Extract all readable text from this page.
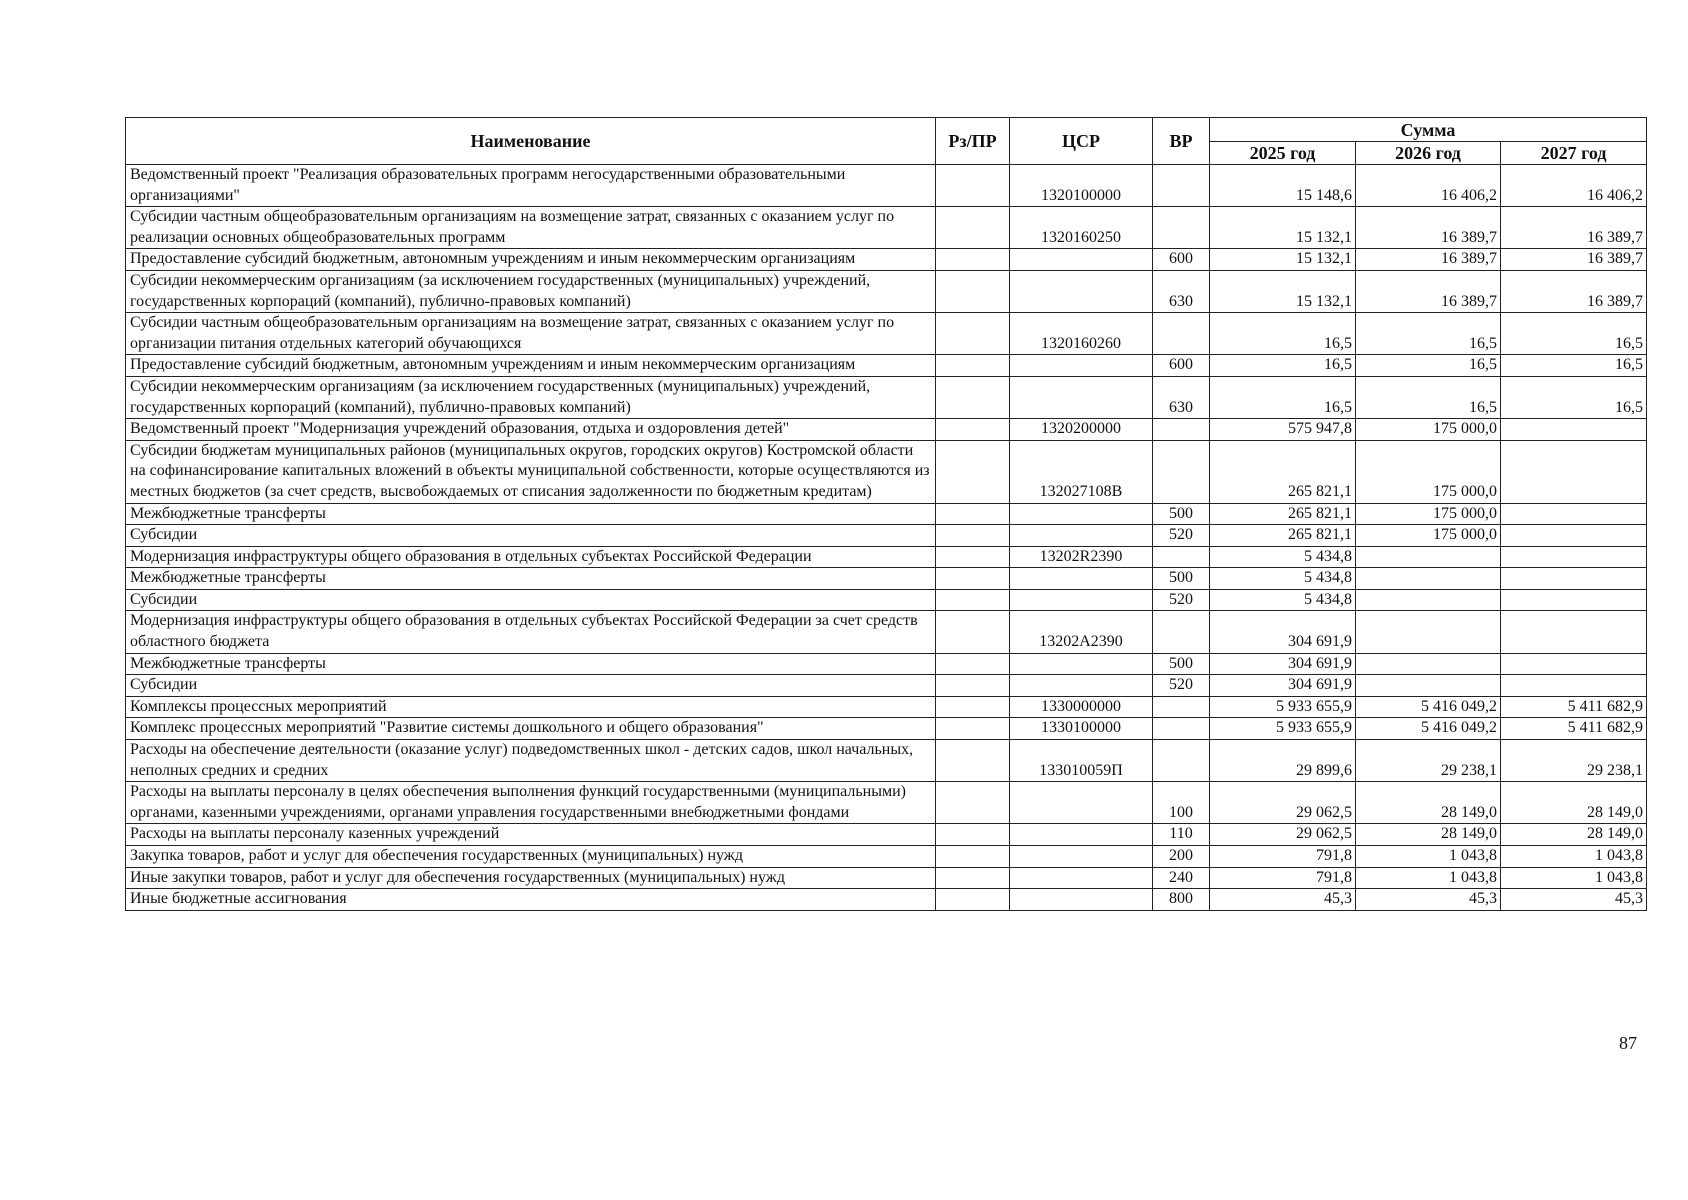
Наименование	Рз/ПР	ЦСР	ВР	Сумма		
				2025 год	2026 год	2027 год
Ведомственный проект "Реализация образовательных программ негосударственными образовательными организациями"		1320100000		15 148,6	16 406,2	16 406,2
Субсидии частным общеобразовательным организациям на возмещение затрат, связанных с оказанием услуг по реализации основных общеобразовательных программ		1320160250		15 132,1	16 389,7	16 389,7
Предоставление субсидий бюджетным, автономным учреждениям и иным некоммерческим организациям			600	15 132,1	16 389,7	16 389,7
Субсидии некоммерческим организациям (за исключением государственных (муниципальных) учреждений, государственных корпораций (компаний), публично-правовых компаний)			630	15 132,1	16 389,7	16 389,7
Субсидии частным общеобразовательным организациям на возмещение затрат, связанных с оказанием услуг по организации питания отдельных категорий обучающихся		1320160260		16,5	16,5	16,5
Предоставление субсидий бюджетным, автономным учреждениям и иным некоммерческим организациям			600	16,5	16,5	16,5
Субсидии некоммерческим организациям (за исключением государственных (муниципальных) учреждений, государственных корпораций (компаний), публично-правовых компаний)			630	16,5	16,5	16,5
Ведомственный проект "Модернизация учреждений образования, отдыха и оздоровления детей"		1320200000		575 947,8	175 000,0	
Субсидии бюджетам муниципальных районов (муниципальных округов, городских округов) Костромской области на софинансирование капитальных вложений в объекты муниципальной собственности, которые осуществляются из местных бюджетов (за счет средств, высвобождаемых от списания задолженности по бюджетным кредитам)		132027108В		265 821,1	175 000,0	
Межбюджетные трансферты			500	265 821,1	175 000,0	
Субсидии			520	265 821,1	175 000,0	
Модернизация инфраструктуры общего образования в отдельных субъектах Российской Федерации		13202R2390		5 434,8		
Межбюджетные трансферты			500	5 434,8		
Субсидии			520	5 434,8		
Модернизация инфраструктуры общего образования в отдельных субъектах Российской Федерации за счет средств областного бюджета		13202А2390		304 691,9		
Межбюджетные трансферты			500	304 691,9		
Субсидии			520	304 691,9		
Комплексы процессных мероприятий		1330000000		5 933 655,9	5 416 049,2	5 411 682,9
Комплекс процессных мероприятий "Развитие системы дошкольного и общего образования"		1330100000		5 933 655,9	5 416 049,2	5 411 682,9
Расходы на обеспечение деятельности (оказание услуг) подведомственных школ - детских садов, школ начальных, неполных средних и средних		133010059П		29 899,6	29 238,1	29 238,1
Расходы на выплаты персоналу в целях обеспечения выполнения функций государственными (муниципальными) органами, казенными учреждениями, органами управления государственными внебюджетными фондами			100	29 062,5	28 149,0	28 149,0
Расходы на выплаты персоналу казенных учреждений			110	29 062,5	28 149,0	28 149,0
Закупка товаров, работ и услуг для обеспечения государственных (муниципальных) нужд			200	791,8	1 043,8	1 043,8
Иные закупки товаров, работ и услуг для обеспечения государственных (муниципальных) нужд			240	791,8	1 043,8	1 043,8
Иные бюджетные ассигнования			800	45,3	45,3	45,3
87
